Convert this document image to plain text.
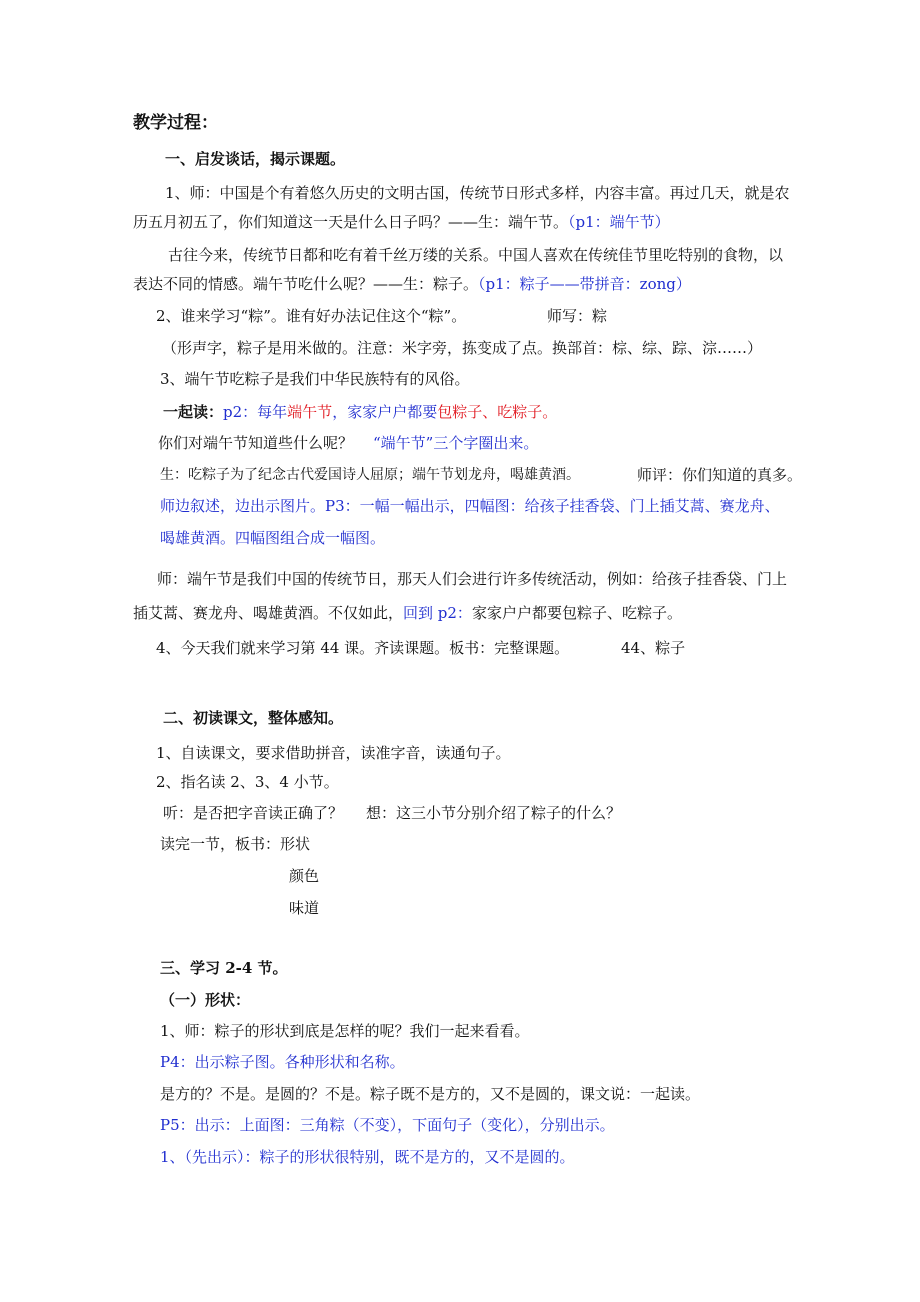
教学过程：
一、启发谈话，揭示课题。
1、师：中国是个有着悠久历史的文明古国，传统节日形式多样，内容丰富。再过几天，就是农
历五月初五了，你们知道这一天是什么日子吗？——生：端午节。（p1：端午节）
古往今来，传统节日都和吃有着千丝万缕的关系。中国人喜欢在传统佳节里吃特别的食物，以
表达不同的情感。端午节吃什么呢？——生：粽子。（p1：粽子——带拼音：zong）
2、谁来学习“粽”。谁有好办法记住这个“粽”。	师写：粽
（形声字，粽子是用米做的。注意：米字旁，拣变成了点。换部首：棕、综、踪、淙……）
3、端午节吃粽子是我们中华民族特有的风俗。
一起读：p2：每年端午节，家家户户都要包粽子、吃粽子。
你们对端午节知道些什么呢？ “端午节”三个字圈出来。
生：吃粽子为了纪念古代爱国诗人屈原；端午节划龙舟，喝雄黄酒。	师评：你们知道的真多。
师边叙述，边出示图片。P3：一幅一幅出示，四幅图：给孩子挂香袋、门上插艾蒿、赛龙舟、
喝雄黄酒。四幅图组合成一幅图。
师：端午节是我们中国的传统节日，那天人们会进行许多传统活动，例如：给孩子挂香袋、门上
插艾蒿、赛龙舟、喝雄黄酒。不仅如此，回到 p2：家家户户都要包粽子、吃粽子。
4、今天我们就来学习第 44 课。齐读课题。板书：完整课题。	44、粽子
二、初读课文，整体感知。
1、自读课文，要求借助拼音，读准字音，读通句子。
2、指名读 2、3、4 小节。
听：是否把字音读正确了？ 想：这三小节分别介绍了粽子的什么？
读完一节，板书：形状
颜色
味道
三、学习 2-4 节。
（一）形状：
1、师：粽子的形状到底是怎样的呢？我们一起来看看。
P4：出示粽子图。各种形状和名称。
是方的？不是。是圆的？不是。粽子既不是方的，又不是圆的，课文说：一起读。
P5：出示：上面图：三角粽（不变），下面句子（变化），分别出示。
1、（先出示）：粽子的形状很特别，既不是方的，又不是圆的。
